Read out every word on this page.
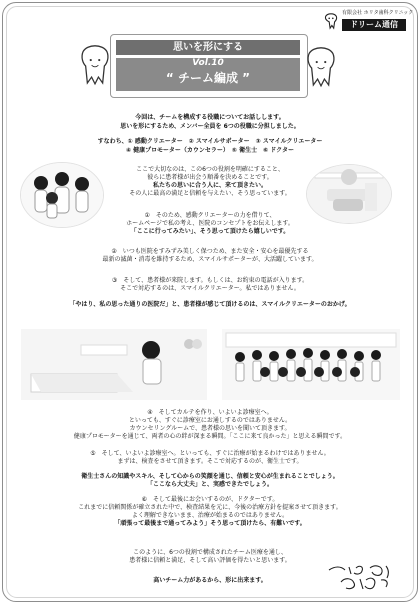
有限会社 ホリタ歯科クリニック
ドリーム通信
思いを形にする
Vol.10
“ チーム編成 ”
今回は、チームを構成する役職についてお話しします。
思いを形にするため、メンバー全員を 6つの役職に分担しました。
すなわち、① 感動クリエーター　② スマイルサポーター　③ スマイルクリエーター
④ 健康プロモーター（カウンセラー）　⑤ 衛生士　⑥ ドクター
ここで大切なのは、この6つの役割を明確にすること、
彼らに患者様が出会う順番を決めることです。
私たちの思いに合う人に、来て頂きたい。
その人に最高の満足と信頼を与えたい、そう思っています。
①　そのため、感動クリエーターの力を借りて、
ホームページで私の考え、医院のコンセプトをお伝えします。
「ここに行ってみたい」、そう思って頂けたら嬉しいです。
②　いつも医院をすみずみ美しく保つため、また安全・安心を最優先する
最新の滅菌・消毒を維持するため、スマイルサポーターが、大活躍しています。
③　そして、患者様が来院します。もしくは、お約束の電話が入ります。
そこで対応するのは、スマイルクリエーター。私ではありません。
「やはり、私の思った通りの医院だ」と、患者様が感じて頂けるのは、スマイルクリエーターのおかげ。
④　そしてカルテを作り、いよいよ診療室へ。
といっても、すぐに診療室にお通しするのではありません。
カウンセリングルームで、患者様の思いを聞いて頂きます。
健康プロモーターを通じて、両者の心の絆が深まる瞬間。「ここに来て良かった」と思える瞬間です。
⑤　そして、いよいよ診療室へ。といっても、すぐに治療が始まるわけではありません。
まずは、検査をさせて頂きます。そこで対応するのが、衛生士です。
衛生士さんの知識やスキル、そして心からの笑顔を通じ、信頼と安心が生まれることでしょう。
「ここなら大丈夫」と、実感できたでしょう。
⑥　そして最後にお会いするのが、ドクターです。
これまでに信頼関係が確立された中で、検査結果を元に、今後の治療方針を提案させて頂きます。
よく理解できないまま、治療が始まるのではありません。
「頑張って最後まで通ってみよう」そう思って頂けたら、有難いです。
このように、6つの役割で構成されたチーム医療を通し、
患者様に信頼と満足、そして高い評価を得たいと思います。
高いチーム力があるから、形に出来ます。
